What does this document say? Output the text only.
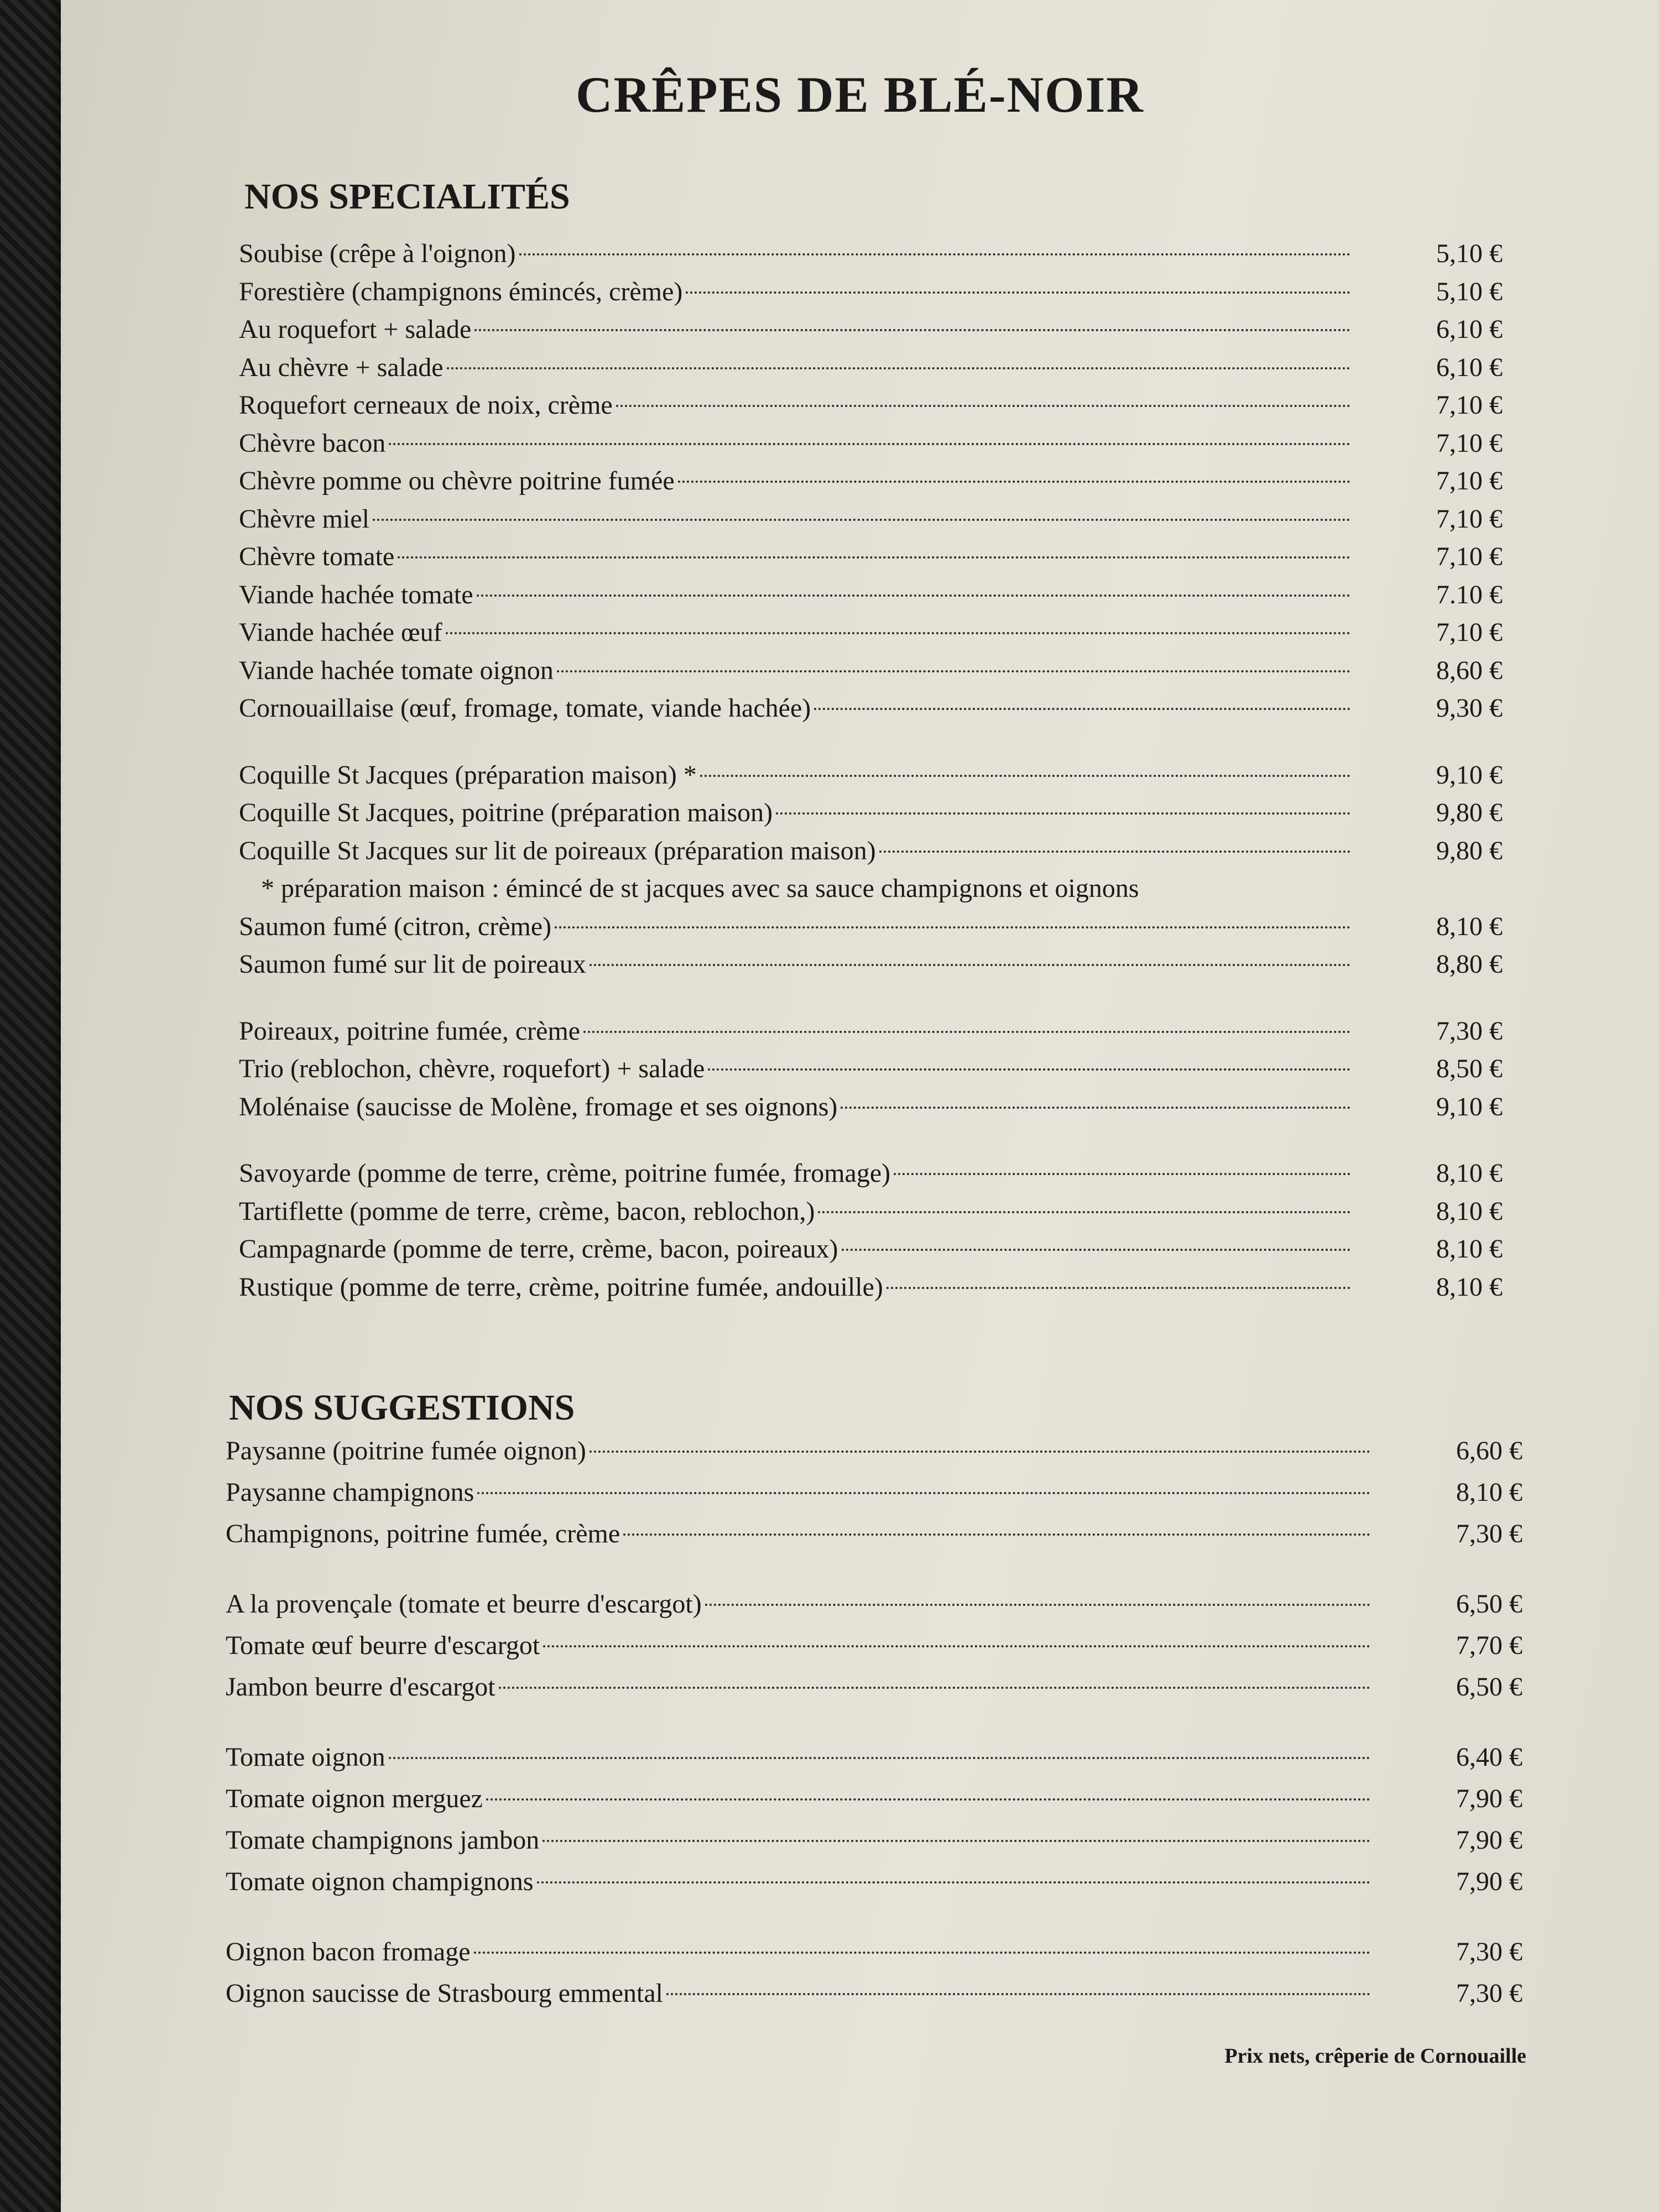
CRÊPES DE BLÉ-NOIR
NOS SPECIALITÉS
Soubise (crêpe à l'oignon)	5,10 €
Forestière (champignons émincés, crème)	5,10 €
Au roquefort + salade	6,10 €
Au chèvre + salade	6,10 €
Roquefort cerneaux de noix, crème	7,10 €
Chèvre bacon	7,10 €
Chèvre pomme ou chèvre poitrine fumée	7,10 €
Chèvre miel	7,10 €
Chèvre tomate	7,10 €
Viande hachée tomate	7.10 €
Viande hachée œuf	7,10 €
Viande hachée tomate oignon	8,60 €
Cornouaillaise (œuf, fromage, tomate, viande hachée)	9,30 €
Coquille St Jacques (préparation maison) *	9,10 €
Coquille St Jacques, poitrine (préparation maison)	9,80 €
Coquille St Jacques sur lit de poireaux (préparation maison)	9,80 €
* préparation maison : émincé de st jacques avec sa sauce champignons et oignons
Saumon fumé (citron, crème)	8,10 €
Saumon fumé sur lit de poireaux	8,80 €
Poireaux, poitrine fumée, crème	7,30 €
Trio (reblochon, chèvre, roquefort) + salade	8,50 €
Molénaise (saucisse de Molène, fromage et ses oignons)	9,10 €
Savoyarde (pomme de terre, crème, poitrine fumée, fromage)	8,10 €
Tartiflette (pomme de terre, crème, bacon, reblochon,)	8,10 €
Campagnarde (pomme de terre, crème, bacon, poireaux)	8,10 €
Rustique (pomme de terre, crème, poitrine fumée, andouille)	8,10 €
NOS SUGGESTIONS
Paysanne (poitrine fumée oignon)	6,60 €
Paysanne champignons	8,10 €
Champignons, poitrine fumée, crème	7,30 €
A la provençale (tomate et beurre d'escargot)	6,50 €
Tomate œuf beurre d'escargot	7,70 €
Jambon beurre d'escargot	6,50 €
Tomate oignon	6,40 €
Tomate oignon merguez	7,90 €
Tomate champignons jambon	7,90 €
Tomate oignon champignons	7,90 €
Oignon bacon fromage	7,30 €
Oignon saucisse de Strasbourg emmental	7,30 €
Prix nets, crêperie de Cornouaille
